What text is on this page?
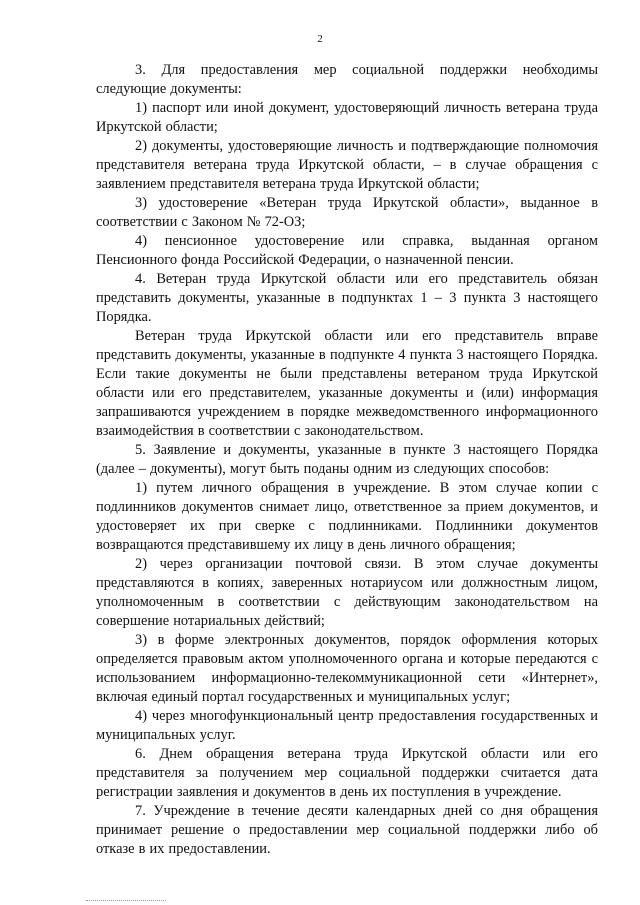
2

3. Для предоставления мер социальной поддержки необходимы следующие документы:

1) паспорт или иной документ, удостоверяющий личность ветерана труда Иркутской области;

2) документы, удостоверяющие личность и подтверждающие полномочия представителя ветерана труда Иркутской области, – в случае обращения с заявлением представителя ветерана труда Иркутской области;

3) удостоверение «Ветеран труда Иркутской области», выданное в соответствии с Законом № 72-ОЗ;

4) пенсионное удостоверение или справка, выданная органом Пенсионного фонда Российской Федерации, о назначенной пенсии.

4. Ветеран труда Иркутской области или его представитель обязан представить документы, указанные в подпунктах 1 – 3 пункта 3 настоящего Порядка.

Ветеран труда Иркутской области или его представитель вправе представить документы, указанные в подпункте 4 пункта 3 настоящего Порядка. Если такие документы не были представлены ветераном труда Иркутской области или его представителем, указанные документы и (или) информация запрашиваются учреждением в порядке межведомственного информационного взаимодействия в соответствии с законодательством.

5. Заявление и документы, указанные в пункте 3 настоящего Порядка (далее – документы), могут быть поданы одним из следующих способов:

1) путем личного обращения в учреждение. В этом случае копии с подлинников документов снимает лицо, ответственное за прием документов, и удостоверяет их при сверке с подлинниками. Подлинники документов возвращаются представившему их лицу в день личного обращения;

2) через организации почтовой связи. В этом случае документы представляются в копиях, заверенных нотариусом или должностным лицом, уполномоченным в соответствии с действующим законодательством на совершение нотариальных действий;

3) в форме электронных документов, порядок оформления которых определяется правовым актом уполномоченного органа и которые передаются с использованием информационно-телекоммуникационной сети «Интернет», включая единый портал государственных и муниципальных услуг;

4) через многофункциональный центр предоставления государственных и муниципальных услуг.

6. Днем обращения ветерана труда Иркутской области или его представителя за получением мер социальной поддержки считается дата регистрации заявления и документов в день их поступления в учреждение.

7. Учреждение в течение десяти календарных дней со дня обращения принимает решение о предоставлении мер социальной поддержки либо об отказе в их предоставлении.
